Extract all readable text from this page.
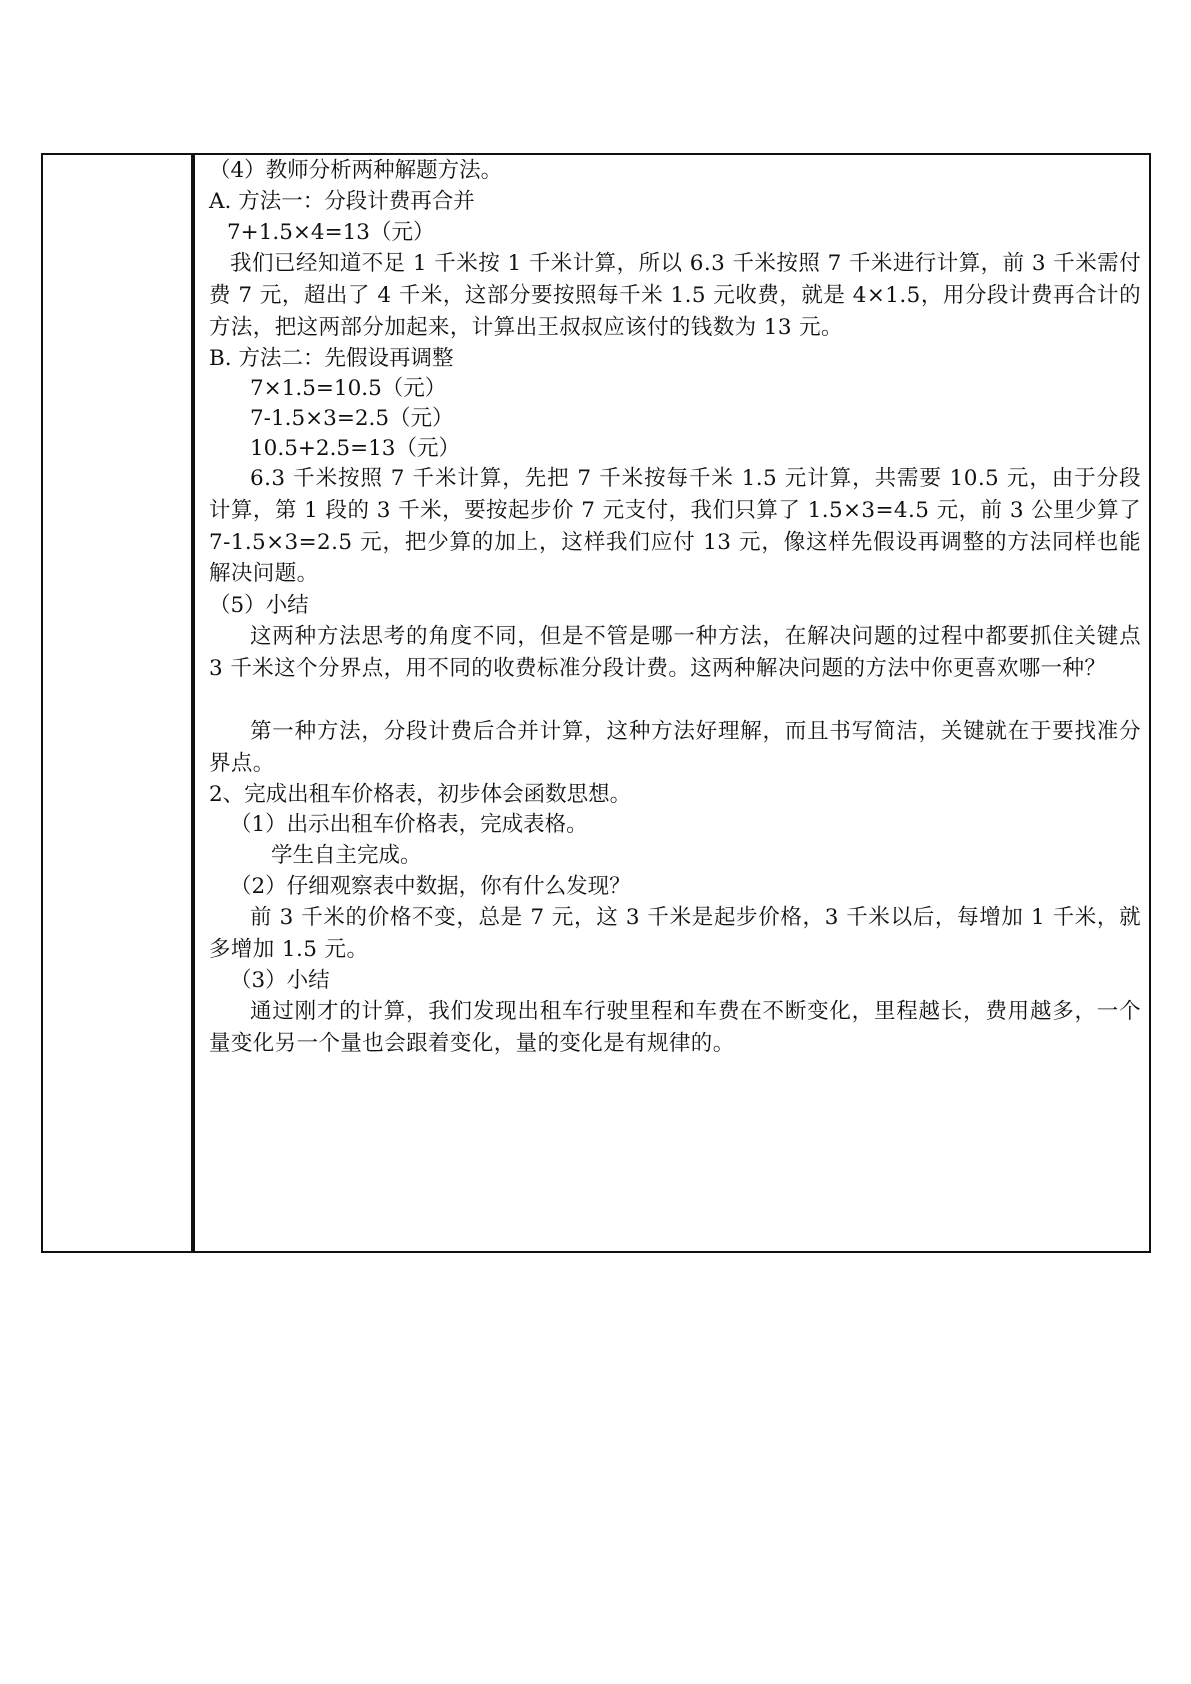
（4）教师分析两种解题方法。
A. 方法一：分段计费再合并
7+1.5×4=13（元）
我们已经知道不足 1 千米按 1 千米计算，所以 6.3 千米按照 7 千米进行计算，前 3 千米需付费 7 元，超出了 4 千米，这部分要按照每千米 1.5 元收费，就是 4×1.5，用分段计费再合计的方法，把这两部分加起来，计算出王叔叔应该付的钱数为 13 元。
B. 方法二：先假设再调整
7×1.5=10.5（元）
7-1.5×3=2.5（元）
10.5+2.5=13（元）
6.3 千米按照 7 千米计算，先把 7 千米按每千米 1.5 元计算，共需要 10.5 元，由于分段计算，第 1 段的 3 千米，要按起步价 7 元支付，我们只算了 1.5×3=4.5 元，前 3 公里少算了 7-1.5×3=2.5 元，把少算的加上，这样我们应付 13 元，像这样先假设再调整的方法同样也能解决问题。
（5）小结
这两种方法思考的角度不同，但是不管是哪一种方法，在解决问题的过程中都要抓住关键点 3 千米这个分界点，用不同的收费标准分段计费。这两种解决问题的方法中你更喜欢哪一种？
第一种方法，分段计费后合并计算，这种方法好理解，而且书写简洁，关键就在于要找准分界点。
2、完成出租车价格表，初步体会函数思想。
（1）出示出租车价格表，完成表格。
学生自主完成。
（2）仔细观察表中数据，你有什么发现？
前 3 千米的价格不变，总是 7 元，这 3 千米是起步价格，3 千米以后，每增加 1 千米，就多增加 1.5 元。
（3）小结
通过刚才的计算，我们发现出租车行驶里程和车费在不断变化，里程越长，费用越多，一个量变化另一个量也会跟着变化，量的变化是有规律的。
